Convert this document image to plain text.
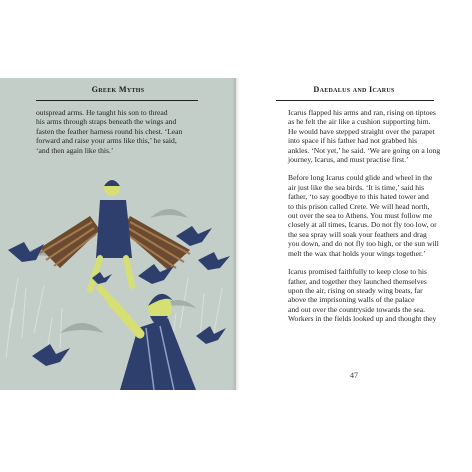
Greek Myths
outspread arms. He taught his son to thread
his arms through straps beneath the wings and
fasten the feather harness round his chest. ‘Lean
forward and raise your arms like this,’ he said,
‘and then again like this.’
Daedalus and Icarus

Icarus flapped his arms and ran, rising on tiptoes
as he felt the air like a cushion supporting him.
He would have stepped straight over the parapet
into space if his father had not grabbed his
ankles. ‘Not yet,’ he said. ‘We are going on a long
journey, Icarus, and must practise first.’

Before long Icarus could glide and wheel in the
air just like the sea birds. ‘It is time,’ said his
father, ‘to say goodbye to this hated tower and
to this prison called Crete. We will head north,
out over the sea to Athens. You must follow me
closely at all times, Icarus. Do not fly too low, or
the sea spray will soak your feathers and drag
you down, and do not fly too high, or the sun will
melt the wax that holds your wings together.’

Icarus promised faithfully to keep close to his
father, and together they launched themselves
upon the air, rising on steady wing beats, far
above the imprisoning walls of the palace
and out over the countryside towards the sea.
Workers in the fields looked up and thought they

47
